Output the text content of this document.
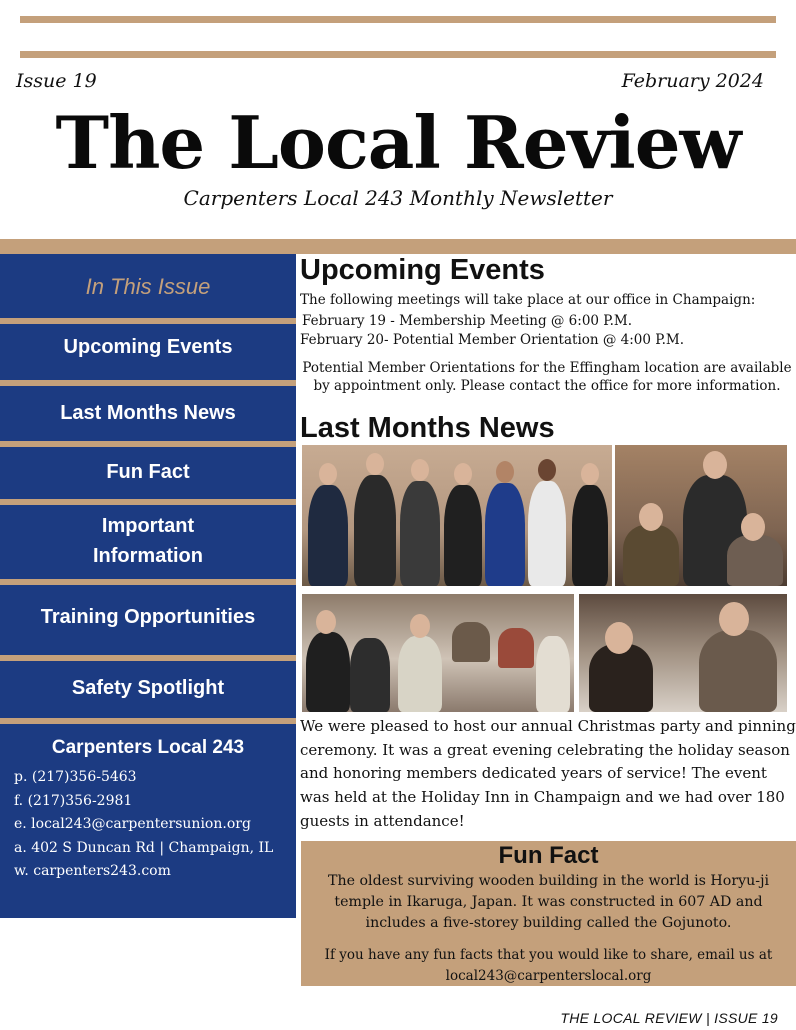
Issue 19	February 2024
The Local Review
Carpenters Local 243 Monthly Newsletter
In This Issue
Upcoming Events
Last Months News
Fun Fact
Important
Information
Training Opportunities
Safety Spotlight
Carpenters Local 243
p. (217)356-5463
f. (217)356-2981
e. local243@carpentersunion.org
a. 402 S Duncan Rd | Champaign, IL
w. carpenters243.com
Upcoming Events
The following meetings will take place at our office in Champaign:
February 19 - Membership Meeting @ 6:00 P.M.
February 20- Potential Member Orientation @ 4:00 P.M.
Potential Member Orientations for the Effingham location are available by appointment only. Please contact the office for more information.
Last Months News
We were pleased to host our annual Christmas party and pinning ceremony. It was a great evening celebrating the holiday season and honoring members dedicated years of service! The event was held at the Holiday Inn in Champaign and we had over 180 guests in attendance!
Fun Fact
The oldest surviving wooden building in the world is Horyu-ji temple in Ikaruga, Japan. It was constructed in 607 AD and includes a five-storey building called the Gojunoto.
If you have any fun facts that you would like to share, email us at local243@carpenterslocal.org
THE LOCAL REVIEW | ISSUE 19
